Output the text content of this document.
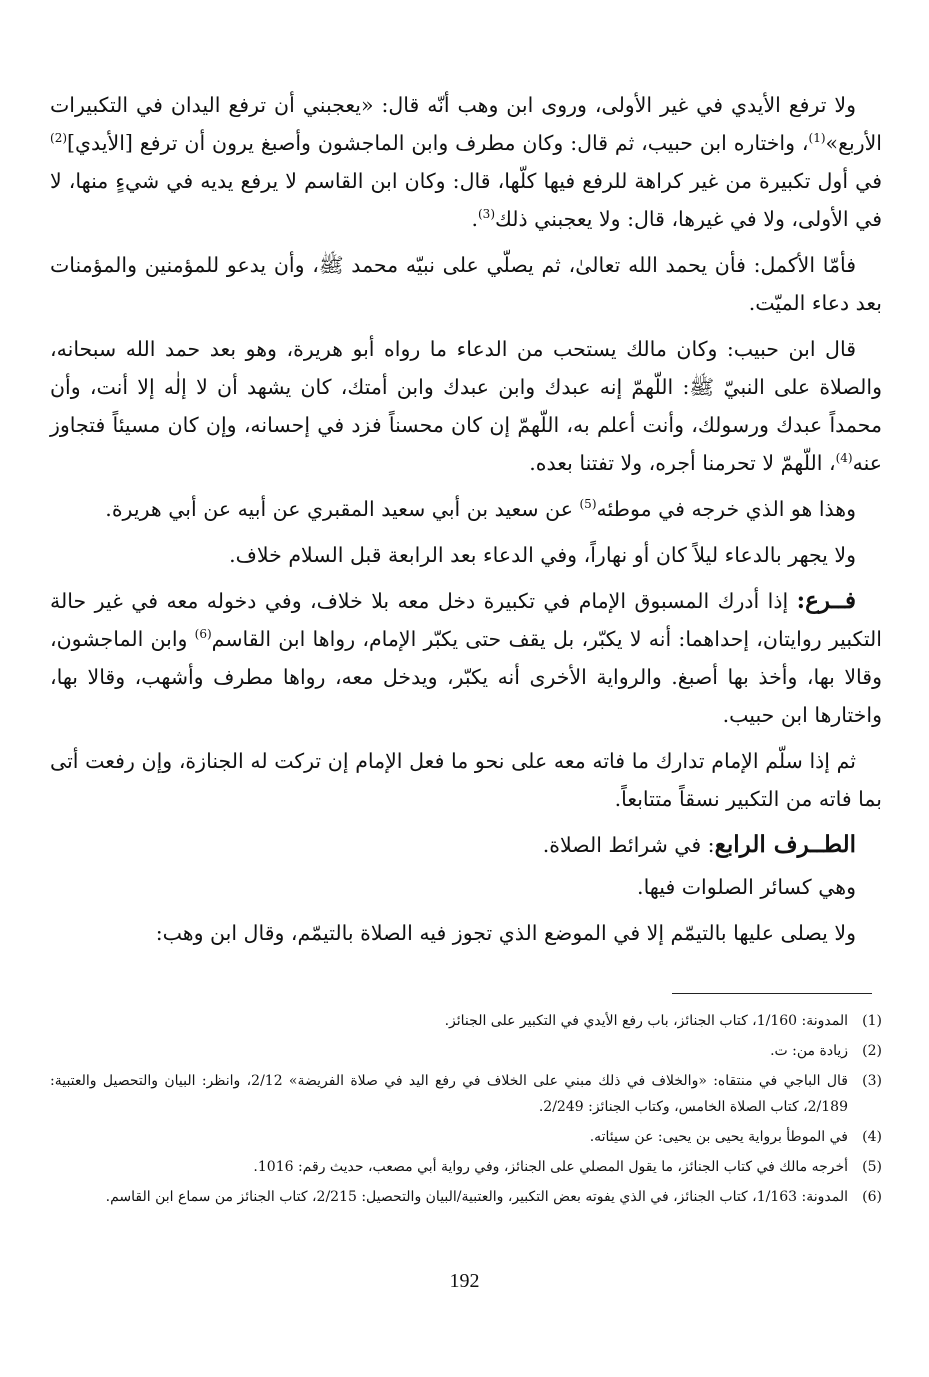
ولا ترفع الأيدي في غير الأولى، وروى ابن وهب أنّه قال: «يعجبني أن ترفع اليدان في التكبيرات الأربع»$^{(1)}$، واختاره ابن حبيب، ثم قال: وكان مطرف وابن الماجشون وأصبغ يرون أن ترفع [الأيدي]$^{(2)}$ في أول تكبيرة من غير كراهة للرفع فيها كلّها، قال: وكان ابن القاسم لا يرفع يديه في شيءٍ منها، لا في الأولى، ولا في غيرها، قال: ولا يعجبني ذلك$^{(3)}$.

فأمّا الأكمل: فأن يحمد الله تعالىٰ، ثم يصلّي على نبيّه محمد ﷺ، وأن يدعو للمؤمنين والمؤمنات بعد دعاء الميّت.

قال ابن حبيب: وكان مالك يستحب من الدعاء ما رواه أبو هريرة، وهو بعد حمد الله سبحانه، والصلاة على النبيّ ﷺ: اللّهمّ إنه عبدك وابن عبدك وابن أمتك، كان يشهد أن لا إلٰه إلا أنت، وأن محمداً عبدك ورسولك، وأنت أعلم به، اللّهمّ إن كان محسناً فزد في إحسانه، وإن كان مسيئاً فتجاوز عنه$^{(4)}$، اللّهمّ لا تحرمنا أجره، ولا تفتنا بعده.

وهذا هو الذي خرجه في موطئه$^{(5)}$ عن سعيد بن أبي سعيد المقبري عن أبيه عن أبي هريرة.

ولا يجهر بالدعاء ليلاً كان أو نهاراً، وفي الدعاء بعد الرابعة قبل السلام خلاف.

فــرع: إذا أدرك المسبوق الإمام في تكبيرة دخل معه بلا خلاف، وفي دخوله معه في غير حالة التكبير روايتان، إحداهما: أنه لا يكبّر، بل يقف حتى يكبّر الإمام، رواها ابن القاسم$^{(6)}$ وابن الماجشون، وقالا بها، وأخذ بها أصبغ. والرواية الأخرى أنه يكبّر، ويدخل معه، رواها مطرف وأشهب، وقالا بها، واختارها ابن حبيب.

ثم إذا سلّم الإمام تدارك ما فاته معه على نحو ما فعل الإمام إن تركت له الجنازة، وإن رفعت أتى بما فاته من التكبير نسقاً متتابعاً.

الطــرف الرابع: في شرائط الصلاة.

وهي كسائر الصلوات فيها.

ولا يصلى عليها بالتيمّم إلا في الموضع الذي تجوز فيه الصلاة بالتيمّم، وقال ابن وهب:

(1)
المدونة: 1/160، كتاب الجنائز، باب رفع الأيدي في التكبير على الجنائز.
(2)
زيادة من: ت.
(3)
قال الباجي في منتقاه: «والخلاف في ذلك مبني على الخلاف في رفع اليد في صلاة الفريضة» 2/12، وانظر: البيان والتحصيل والعتبية: 2/189، كتاب الصلاة الخامس، وكتاب الجنائز: 2/249.
(4)
في الموطأ برواية يحيى بن يحيى: عن سيئاته.
(5)
أخرجه مالك في كتاب الجنائز، ما يقول المصلي على الجنائز، وفي رواية أبي مصعب، حديث رقم: 1016.
(6)
المدونة: 1/163، كتاب الجنائز، في الذي يفوته بعض التكبير، والعتبية/البيان والتحصيل: 2/215، كتاب الجنائز من سماع ابن القاسم.
192
